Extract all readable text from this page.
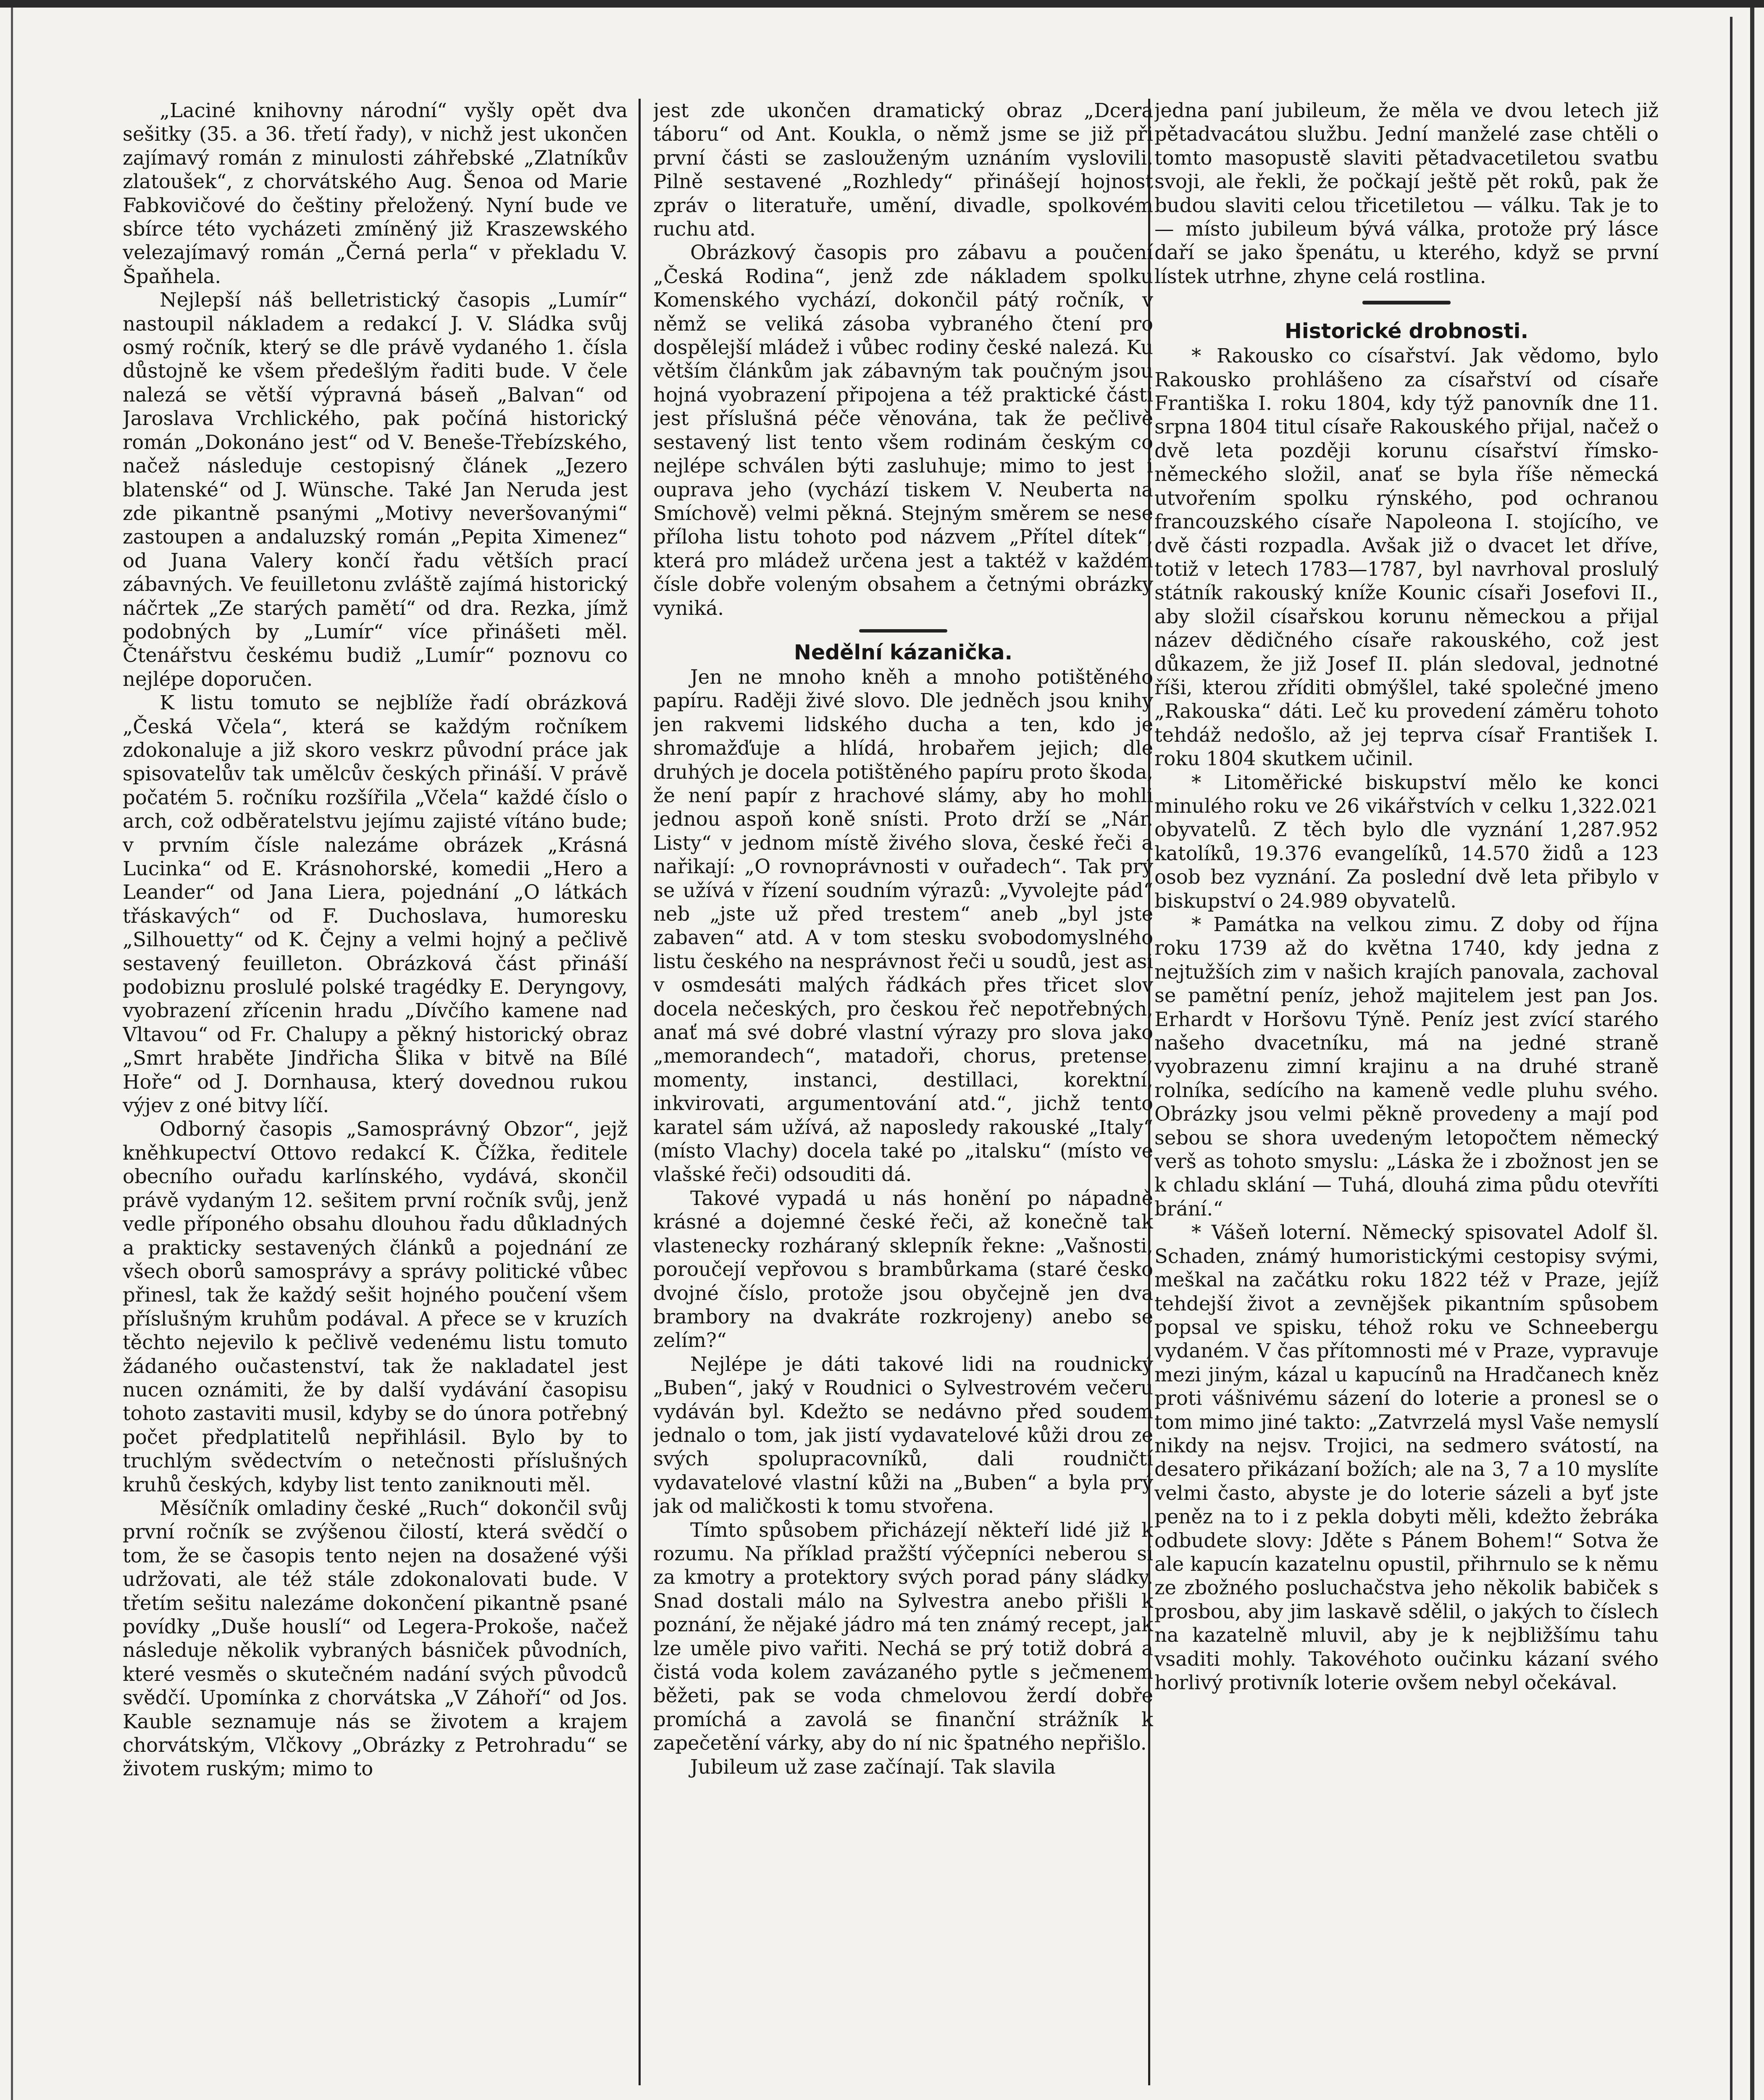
„Laciné knihovny národní“ vyšly opět dva sešitky (35. a 36. třetí řady), v nichž jest ukončen zajímavý román z minulosti záhřebské „Zlatníkův zlatoušek“, z chorvátského Aug. Šenoa od Marie Fabkovičové do češtiny přeložený. Nyní bude ve sbírce této vycházeti zmíněný již Kraszewského velezajímavý román „Černá perla“ v překladu V. Špaňhela.

Nejlepší náš belletristický časopis „Lumír“ nastoupil nákladem a redakcí J. V. Sládka svůj osmý ročník, který se dle právě vydaného 1. čísla důstojně ke všem předešlým řaditi bude. V čele nalezá se větší výpravná báseň „Balvan“ od Jaroslava Vrchlického, pak počíná historický román „Dokonáno jest“ od V. Beneše-Třebízského, načež následuje cestopisný článek „Jezero blatenské“ od J. Wünsche. Také Jan Neruda jest zde pikantně psanými „Motivy neveršovanými“ zastoupen a andaluzský román „Pepita Ximenez“ od Juana Valery končí řadu větších prací zábavných. Ve feuilletonu zvláště zajímá historický náčrtek „Ze starých pamětí“ od dra. Rezka, jímž podobných by „Lumír“ více přinášeti měl. Čtenářstvu českému budiž „Lumír“ poznovu co nejlépe doporučen.

K listu tomuto se nejblíže řadí obrázková „Česká Včela“, která se každým ročníkem zdokonaluje a již skoro veskrz původní práce jak spisovatelův tak umělcův českých přináší. V právě počatém 5. ročníku rozšířila „Včela“ každé číslo o arch, což odběratelstvu jejímu zajisté vítáno bude; v prvním čísle nalezáme obrázek „Krásná Lucinka“ od E. Krásnohorské, komedii „Hero a Leander“ od Jana Liera, pojednání „O látkách třáskavých“ od F. Duchoslava, humoresku „Silhouetty“ od K. Čejny a velmi hojný a pečlivě sestavený feuilleton. Obrázková část přináší podobiznu proslulé polské tragédky E. Deryngovy, vyobrazení zřícenin hradu „Dívčího kamene nad Vltavou“ od Fr. Chalupy a pěkný historický obraz „Smrt hraběte Jindřicha Šlika v bitvě na Bílé Hoře“ od J. Dornhausa, který dovednou rukou výjev z oné bitvy líčí.

Odborný časopis „Samosprávný Obzor“, jejž kněhkupectví Ottovo redakcí K. Čížka, ředitele obecního ouřadu karlínského, vydává, skončil právě vydaným 12. sešitem první ročník svůj, jenž vedle příponého obsahu dlouhou řadu důkladných a prakticky sestavených článků a pojednání ze všech oborů samosprávy a správy politické vůbec přinesl, tak že každý sešit hojného poučení všem příslušným kruhům podával. A přece se v kruzích těchto nejevilo k pečlivě vedenému listu tomuto žádaného oučastenství, tak že nakladatel jest nucen oznámiti, že by další vydávání časopisu tohoto zastaviti musil, kdyby se do února potřebný počet předplatitelů nepřihlásil. Bylo by to truchlým svědectvím o netečnosti příslušných kruhů českých, kdyby list tento zaniknouti měl.

Měsíčník omladiny české „Ruch“ dokončil svůj první ročník se zvýšenou čilostí, která svědčí o tom, že se časopis tento nejen na dosažené výši udržovati, ale též stále zdokonalovati bude. V třetím sešitu nalezáme dokončení pikantně psané povídky „Duše houslí“ od Legera-Prokoše, načež následuje několik vybraných básniček původních, které vesměs o skutečném nadání svých původců svědčí. Upomínka z chorvátska „V Záhoří“ od Jos. Kauble seznamuje nás se životem a krajem chorvátským, Vlčkovy „Obrázky z Petrohradu“ se životem ruským; mimo to

jest zde ukončen dramatický obraz „Dcera táboru“ od Ant. Koukla, o němž jsme se již při první části se zaslouženým uznáním vyslovili. Pilně sestavené „Rozhledy“ přinášejí hojnost zpráv o literatuře, umění, divadle, spolkovém ruchu atd.

Obrázkový časopis pro zábavu a poučení „Česká Rodina“, jenž zde nákladem spolku Komenského vychází, dokončil pátý ročník, v němž se veliká zásoba vybraného čtení pro dospělejší mládež i vůbec rodiny české nalezá. Ku větším článkům jak zábavným tak poučným jsou hojná vyobrazení připojena a též praktické části jest příslušná péče věnována, tak že pečlivě sestavený list tento všem rodinám českým co nejlépe schválen býti zasluhuje; mimo to jest i oupravа jeho (vychází tiskem V. Neuberta na Smíchově) velmi pěkná. Stejným směrem se nese příloha listu tohoto pod názvem „Přítel dítek“, která pro mládež určena jest a taktéž v každém čísle dobře voleným obsahem a četnými obrázky vyniká.

Nedělní kázanička.

Jen ne mnoho kněh a mnoho potištěného papíru. Raději živé slovo. Dle jedněch jsou knihy jen rakvemi lidského ducha a ten, kdo je shromažďuje a hlídá, hrobařem jejich; dle druhých je docela potištěného papíru proto škoda, že není papír z hrachové slámy, aby ho mohli jednou aspoň koně snísti. Proto drží se „Nár. Listy“ v jednom místě živého slova, české řeči a nařikají: „O rovnoprávnosti v ouřadech“. Tak prý se užívá v řízení soudním výrazů: „Vyvolejte pád“ neb „jste už před trestem“ aneb „byl jste zabaven“ atd. A v tom stesku svobodomyslného listu českého na nesprávnost řeči u soudů, jest asi v osmdesáti malých řádkách přes třicet slov docela nečeských, pro českou řeč nepotřebných, anať má své dobré vlastní výrazy pro slova jako „memorandech“, matadoři, chorus, pretense, momenty, instanci, destillaci, korektní, inkvirovati, argumentování atd.“, jichž tento karatel sám užívá, až naposledy rakouské „Italy“ (místo Vlachy) docela také po „italsku“ (místo ve vlašské řeči) odsouditi dá.

Takové vypadá u nás honění po nápadně krásné a dojemné české řeči, až konečně tak vlastenecky rozhárаný sklepník řekne: „Vašnosti, poroučejí vepřovou s brambůrkama (staré česko dvojné číslo, protože jsou obyčejně jen dva brambory na dvakráte rozkrojeny) anebo se zelím?“

Nejlépe je dáti takové lidi na roudnický „Buben“, jaký v Roudnici o Sylvestrovém večeru vydáván byl. Kdežto se nedávno před soudem jednalo o tom, jak jistí vydavatelové kůži drou ze svých spolupracovníků, dali roudničtí vydavatelové vlastní kůži na „Buben“ a byla prý jak od maličkosti k tomu stvořena.

Tímto spůsobem přicházejí někteří lidé již k rozumu. Na příklad pražští výčepníci neberou si za kmotry a protektory svých porad pány sládky. Snad dostali málo na Sylvestra anebo přišli k poznání, že nějaké jádro má ten známý recept, jak lze uměle pivo vařiti. Nechá se prý totiž dobrá a čistá voda kolem zavázaného pytle s ječmenem běžeti, pak se voda chmelovou žerdí dobře promíchá a zavolá se finanční strážník k zapečetění várky, aby do ní nic špatného nepřišlo.

Jubileum už zase začínají. Tak slavila

jedna paní jubileum, že měla ve dvou letech již pětadvacátou službu. Jední manželé zase chtěli o tomto masopustě slaviti pětadvacetiletou svatbu svoji, ale řekli, že počkají ještě pět roků, pak že budou slaviti celou třicetiletou — válku. Tak je to — místo jubileum bývá válka, protože prý lásce daří se jako špenátu, u kterého, když se první lístek utrhne, zhyne celá rostlina.

Historické drobnosti.

* Rakousko co císařství. Jak vědomo, bylo Rakousko prohlášeno za císařství od císaře Františka I. roku 1804, kdy týž panovník dne 11. srpna 1804 titul císaře Rakouského přijal, načež o dvě leta později korunu císařství římsko-německého složil, anať se byla říše německá utvořením spolku rýnského, pod ochranou francouzského císaře Napoleona I. stojícího, ve dvě části rozpadla. Avšak již o dvacet let dříve, totiž v letech 1783—1787, byl navrhoval proslulý státník rakouský kníže Kounic císaři Josefovi II., aby složil císařskou korunu německou a přijal název dědičného císaře rakouského, což jest důkazem, že již Josef II. plán sledoval, jednotné říši, kterou zříditi obmýšlel, také společné jmeno „Rakouska“ dáti. Leč ku provedení záměru tohoto tehdáž nedošlo, až jej teprva císař František I. roku 1804 skutkem učinil.

* Litoměřické biskupství mělo ke konci minulého roku ve 26 vikářstvích v celku 1,322.021 obyvatelů. Z těch bylo dle vyznání 1,287.952 katolíků, 19.376 evangelíků, 14.570 židů a 123 osob bez vyznání. Za poslední dvě leta přibylo v biskupství o 24.989 obyvatelů.

* Památka na velkou zimu. Z doby od října roku 1739 až do května 1740, kdy jedna z nejtužších zim v našich krajích panovala, zachoval se pamětní peníz, jehož majitelem jest pan Jos. Erhardt v Horšovu Týně. Peníz jest zvící starého našeho dvacetníku, má na jedné straně vyobrazenu zimní krajinu a na druhé straně rolníka, sedícího na kameně vedle pluhu svého. Obrázky jsou velmi pěkně provedeny a mají pod sebou se shora uvedeným letopočtem německý verš as tohoto smyslu: „Láska že i zbožnost jen se k chladu sklání — Tuhá, dlouhá zima půdu otevříti brání.“

* Vášeň loterní. Německý spisovatel Adolf šl. Schaden, známý humoristickými cestopisy svými, meškal na začátku roku 1822 též v Praze, jejíž tehdejší život a zevnějšek pikantním spůsobem popsal ve spisku, téhož roku ve Schneebergu vydaném. V čas přítomnosti mé v Praze, vypravuje mezi jiným, kázal u kapucínů na Hradčanech kněz proti vášnivému sázení do loterie a pronesl se o tom mimo jiné takto: „Zatvrzelá mysl Vaše nemyslí nikdy na nejsv. Trojici, na sedmero svátostí, na desatero přikázaní božích; ale na 3, 7 a 10 myslíte velmi často, abyste je do loterie sázeli a byť jste peněz na to i z pekla dobyti měli, kdežto žebráka odbudete slovy: Jděte s Pánem Bohem!“ Sotva že ale kapucín kazatelnu opustil, přihrnulo se k němu ze zbožného posluchačstva jeho několik babiček s prosbou, aby jim laskavě sdělil, o jakých to číslech na kazatelně mluvil, aby je k nejbližšímu tahu vsaditi mohly. Takovéhoto oučinku kázaní svého horlivý protivník loterie ovšem nebyl očekával.
